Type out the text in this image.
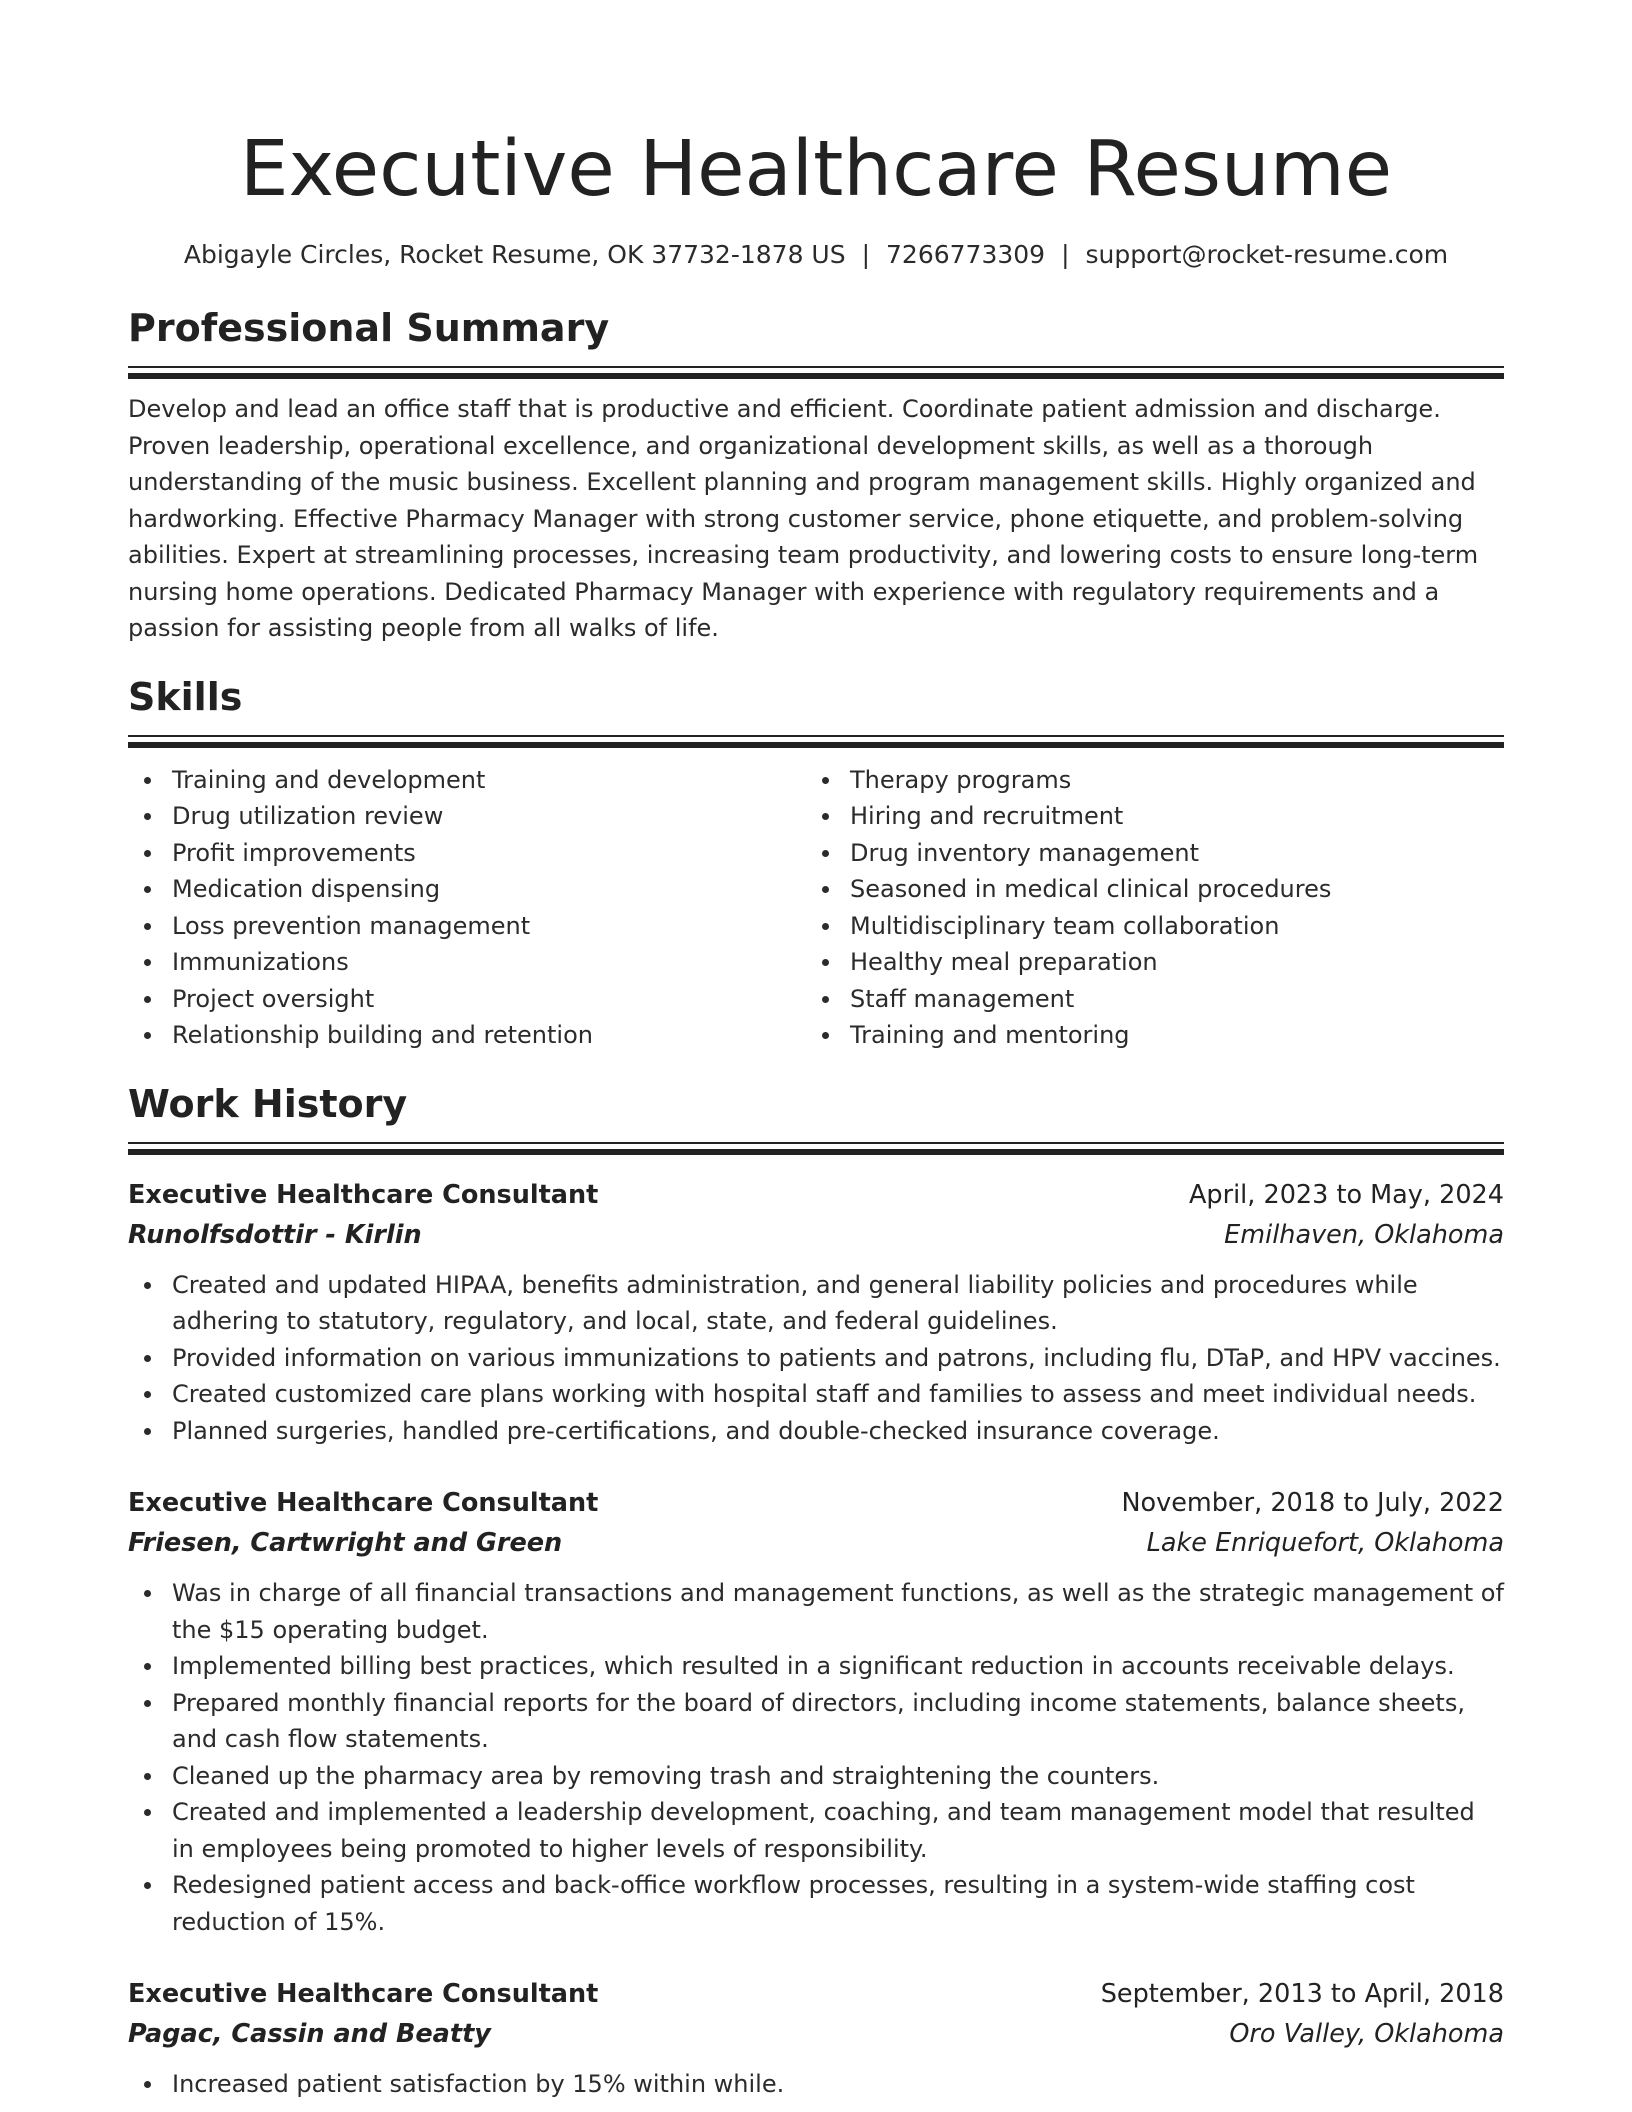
Executive Healthcare Resume
Abigayle Circles, Rocket Resume, OK 37732-1878 US | 7266773309 | support@rocket-resume.com
Professional Summary

Develop and lead an office staff that is productive and efficient. Coordinate patient admission and discharge. Proven leadership, operational excellence, and organizational development skills, as well as a thorough understanding of the music business. Excellent planning and program management skills. Highly organized and hardworking. Effective Pharmacy Manager with strong customer service, phone etiquette, and problem-solving abilities. Expert at streamlining processes, increasing team productivity, and lowering costs to ensure long-term nursing home operations. Dedicated Pharmacy Manager with experience with regulatory requirements and a passion for assisting people from all walks of life.

Skills
Training and development
Drug utilization review
Profit improvements
Medication dispensing
Loss prevention management
Immunizations
Project oversight
Relationship building and retention
Therapy programs
Hiring and recruitment
Drug inventory management
Seasoned in medical clinical procedures
Multidisciplinary team collaboration
Healthy meal preparation
Staff management
Training and mentoring
Work History
Executive Healthcare Consultant	April, 2023 to May, 2024
Runolfsdottir - Kirlin	Emilhaven, Oklahoma
Created and updated HIPAA, benefits administration, and general liability policies and procedures while adhering to statutory, regulatory, and local, state, and federal guidelines.
Provided information on various immunizations to patients and patrons, including flu, DTaP, and HPV vaccines.
Created customized care plans working with hospital staff and families to assess and meet individual needs.
Planned surgeries, handled pre-certifications, and double-checked insurance coverage.
Executive Healthcare Consultant	November, 2018 to July, 2022
Friesen, Cartwright and Green	Lake Enriquefort, Oklahoma
Was in charge of all financial transactions and management functions, as well as the strategic management of the $15 operating budget.
Implemented billing best practices, which resulted in a significant reduction in accounts receivable delays.
Prepared monthly financial reports for the board of directors, including income statements, balance sheets, and cash flow statements.
Cleaned up the pharmacy area by removing trash and straightening the counters.
Created and implemented a leadership development, coaching, and team management model that resulted in employees being promoted to higher levels of responsibility.
Redesigned patient access and back-office workflow processes, resulting in a system-wide staffing cost reduction of 15%.
Executive Healthcare Consultant	September, 2013 to April, 2018
Pagac, Cassin and Beatty	Oro Valley, Oklahoma
Increased patient satisfaction by 15% within while.
